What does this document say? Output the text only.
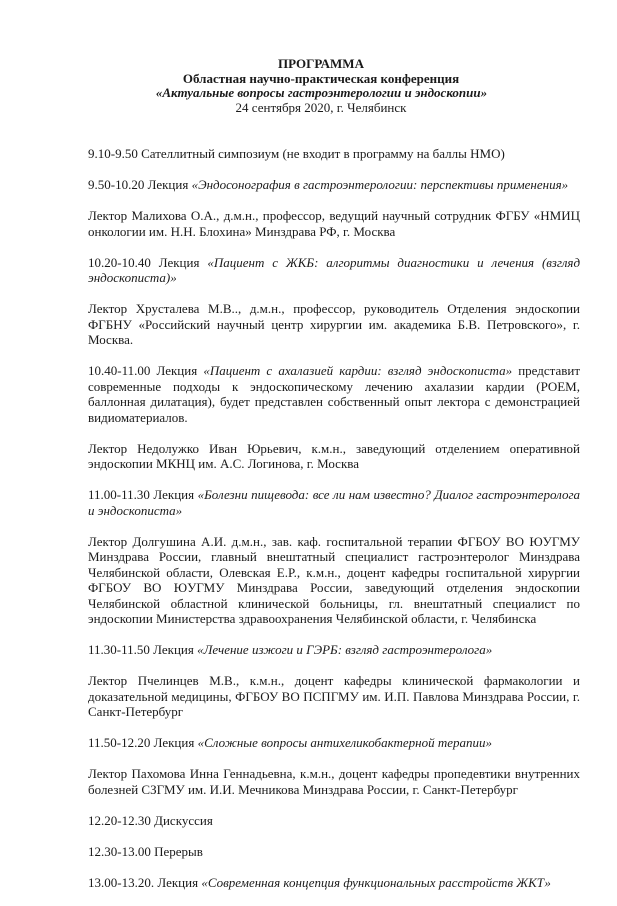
ПРОГРАММА
Областная научно-практическая конференция
«Актуальные вопросы гастроэнтерологии и эндоскопии»
24 сентября 2020, г. Челябинск

9.10-9.50 Сателлитный симпозиум (не входит в программу на баллы НМО)

9.50-10.20 Лекция «Эндосонография в гастроэнтерологии: перспективы применения»

Лектор Малихова О.А., д.м.н., профессор, ведущий научный сотрудник ФГБУ «НМИЦ онкологии им. Н.Н. Блохина» Минздрава РФ, г. Москва

10.20-10.40 Лекция «Пациент с ЖКБ: алгоритмы диагностики и лечения (взгляд эндоскописта)»

Лектор Хрусталева М.В.., д.м.н., профессор, руководитель Отделения эндоскопии ФГБНУ «Российский научный центр хирургии им. академика Б.В. Петровского», г. Москва.

10.40-11.00 Лекция «Пациент с ахалазией кардии: взгляд эндоскописта» представит современные подходы к эндоскопическому лечению ахалазии кардии (POEM, баллонная дилатация), будет представлен собственный опыт лектора с демонстрацией видиоматериалов.

Лектор Недолужко Иван Юрьевич, к.м.н., заведующий отделением оперативной эндоскопии МКНЦ им. А.С. Логинова, г. Москва

11.00-11.30 Лекция «Болезни пищевода: все ли нам известно? Диалог гастроэнтеролога и эндоскописта»

Лектор Долгушина А.И. д.м.н., зав. каф. госпитальной терапии ФГБОУ ВО ЮУГМУ Минздрава России, главный внештатный специалист гастроэнтеролог Минздрава Челябинской области, Олевская Е.Р., к.м.н., доцент кафедры госпитальной хирургии ФГБОУ ВО ЮУГМУ Минздрава России, заведующий отделения эндоскопии Челябинской областной клинической больницы, гл. внештатный специалист по эндоскопии Министерства здравоохранения Челябинской области, г. Челябинска

11.30-11.50 Лекция «Лечение изжоги и ГЭРБ: взгляд гастроэнтеролога»

Лектор Пчелинцев М.В., к.м.н., доцент кафедры клинической фармакологии и доказательной медицины, ФГБОУ ВО ПСПГМУ им. И.П. Павлова Минздрава России, г. Санкт-Петербург

11.50-12.20 Лекция «Сложные вопросы антихеликобактерной терапии»

Лектор Пахомова Инна Геннадьевна, к.м.н., доцент кафедры пропедевтики внутренних болезней СЗГМУ им. И.И. Мечникова Минздрава России, г. Санкт-Петербург

12.20-12.30 Дискуссия

12.30-13.00 Перерыв

13.00-13.20. Лекция «Современная концепция функциональных расстройств ЖКТ»
